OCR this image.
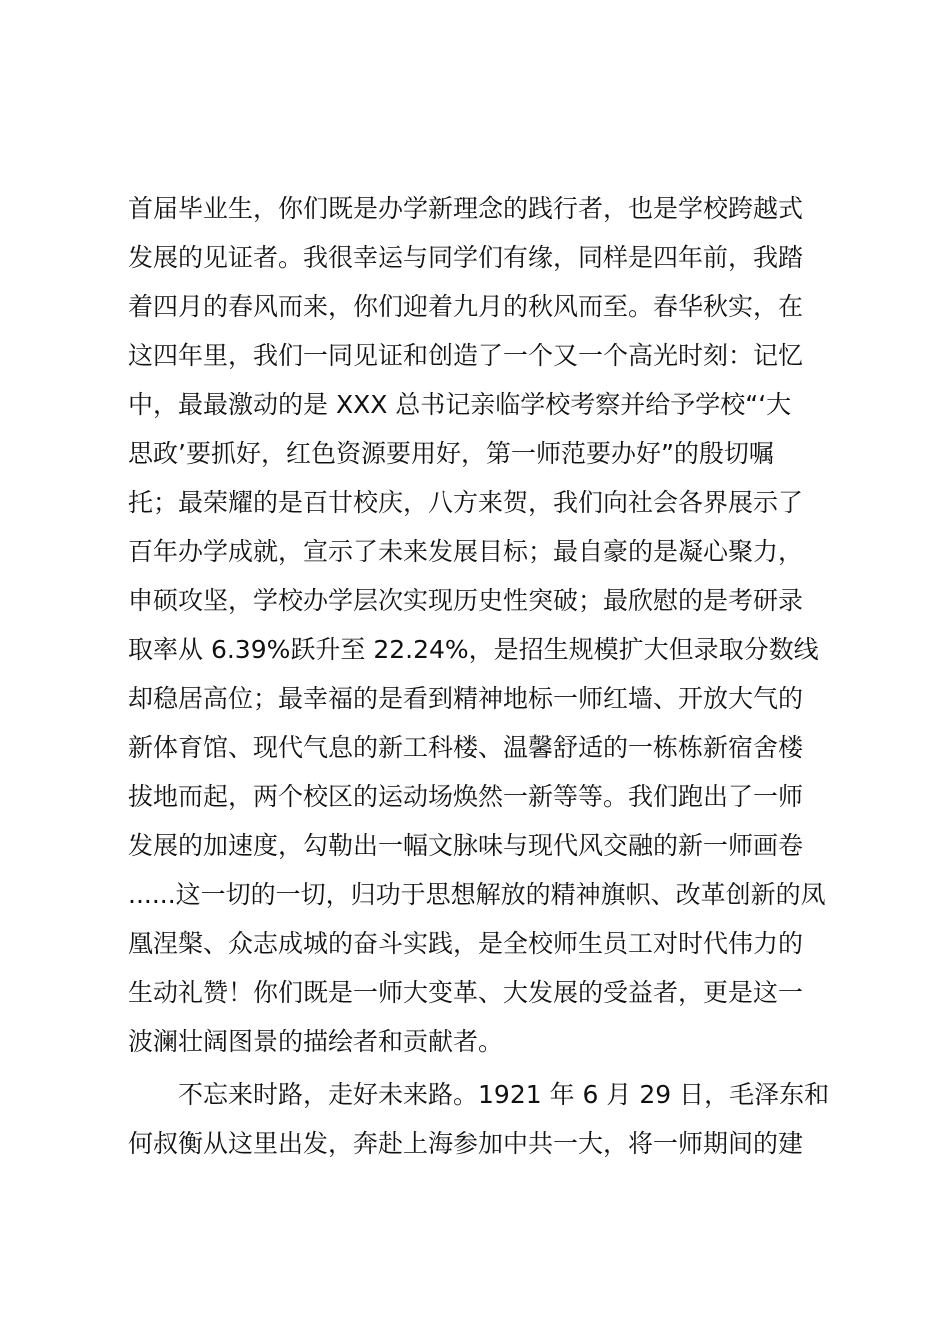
首届毕业生，你们既是办学新理念的践行者，也是学校跨越式
发展的见证者。我很幸运与同学们有缘，同样是四年前，我踏
着四月的春风而来，你们迎着九月的秋风而至。春华秋实，在
这四年里，我们一同见证和创造了一个又一个高光时刻：记忆
中，最最激动的是 XXX 总书记亲临学校考察并给予学校“‘大
思政’要抓好，红色资源要用好，第一师范要办好”的殷切嘱
托；最荣耀的是百廿校庆，八方来贺，我们向社会各界展示了
百年办学成就，宣示了未来发展目标；最自豪的是凝心聚力，
申硕攻坚，学校办学层次实现历史性突破；最欣慰的是考研录
取率从 6.39%跃升至 22.24%，是招生规模扩大但录取分数线
却稳居高位；最幸福的是看到精神地标一师红墙、开放大气的
新体育馆、现代气息的新工科楼、温馨舒适的一栋栋新宿舍楼
拔地而起，两个校区的运动场焕然一新等等。我们跑出了一师
发展的加速度，勾勒出一幅文脉味与现代风交融的新一师画卷
......这一切的一切，归功于思想解放的精神旗帜、改革创新的凤
凰涅槃、众志成城的奋斗实践，是全校师生员工对时代伟力的
生动礼赞！你们既是一师大变革、大发展的受益者，更是这一
波澜壮阔图景的描绘者和贡献者。
不忘来时路，走好未来路。1921 年 6 月 29 日，毛泽东和
何叔衡从这里出发，奔赴上海参加中共一大，将一师期间的建
